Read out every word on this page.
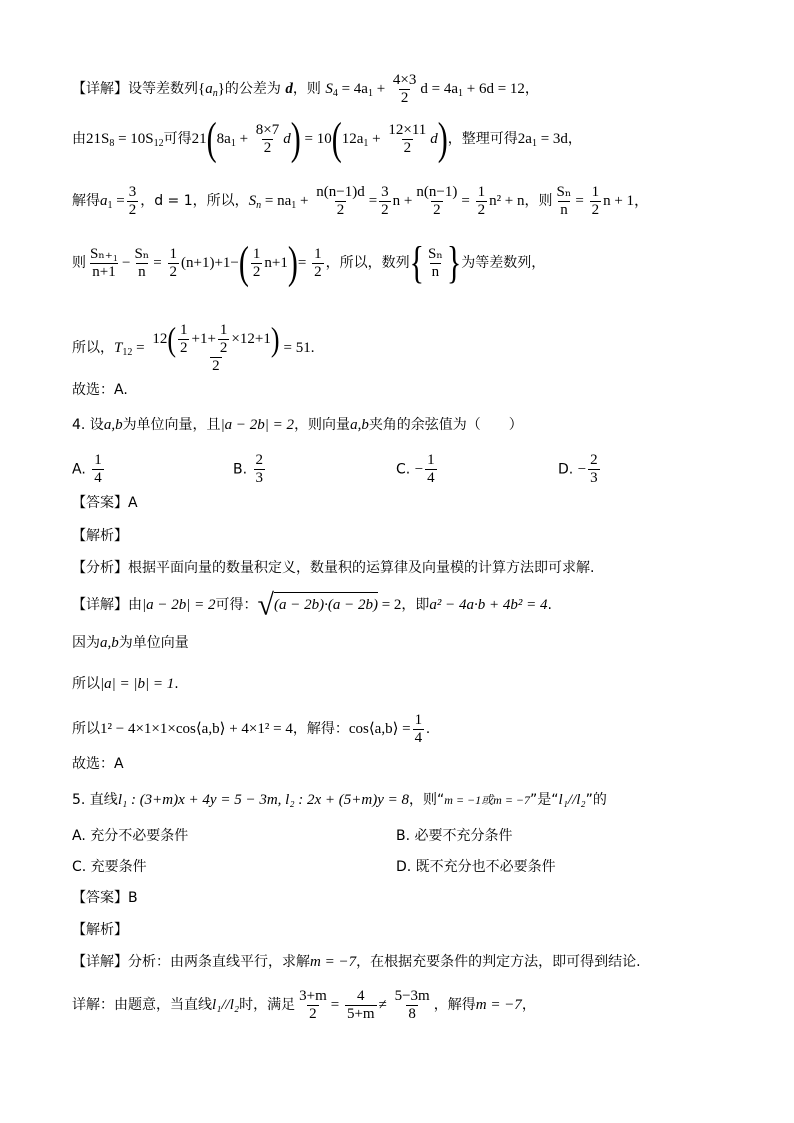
【详解】设等差数列$\{a_n\}$的公差为 d，则 $S_4 = 4a_1 + \frac{4\times 3}{2}$ $d = 4a_1 + 6d = 12$，
由$21S_8 = 10S_{12}$可得$21(8a_1 + \frac{8\times 7}{2} d) = 10(12a_1 + \frac{12\times 11}{2} d)$，整理可得$2a_1 = 3d$，
解得$a_1 = \frac{3}{2}$ ，d = 1，所以，$S_n = na_1 + \frac{n(n-1)d}{2} = \frac{3}{2}$ $n + \frac{n(n-1)}{2} = \frac{1}{2} n^2 + n$，则 $\frac{\text{Sₙ}}{n} = \frac{1}{2}$ n + 1，
则 $\frac{\text{Sₙ₊₁}}{n+1} - \frac{\text{Sₙ}}{n} = \frac{1}{2} (n+1)+1-( \frac{1}{2} n+1)= \frac{1}{2}$ ，所以，数列{ $\frac{\text{Sₙ}}{n}$ }为等差数列，
所以，$T_{12} = \frac{12( \frac{1}{2} +1+ \frac{1}{2} \times 12+1)}{2} = 51$.
故选：A.
4. 设a,b为单位向量，且|a − 2b| = 2，则向量a,b夹角的余弦值为（　　）
A. $\frac{1}{4}$	B. $\frac{2}{3}$	C. − $\frac{1}{4}$	D. − $\frac{2}{3}$
【答案】A
【解析】
【分析】根据平面向量的数量积定义，数量积的运算律及向量模的计算方法即可求解.
【详解】由|a − 2b| = 2可得：√(a − 2b)·(a − 2b) = 2，即a² − 4a·b + 4b² = 4.
因为a,b为单位向量
所以|a| = |b| = 1.
所以1² − 4×1×1×cos⟨a,b⟩ + 4×1² = 4，解得：cos⟨a,b⟩ = $\frac{1}{4}$ .
故选：A
5. 直线l₁ : (3+m)x + 4y = 5 − 3m, l₂ : 2x + (5+m)y = 8，则“m = −1或m = −7”是“l₁//l₂”的
A. 充分不必要条件	B. 必要不充分条件
C. 充要条件	D. 既不充分也不必要条件
【答案】B
【解析】
【详解】分析：由两条直线平行，求解m = −7，在根据充要条件的判定方法，即可得到结论.
详解：由题意，当直线l₁//l₂时，满足 $\frac{3+m}{2} = \frac{4}{5+m} \ne \frac{5-3m}{8}$ ，解得m = −7，
